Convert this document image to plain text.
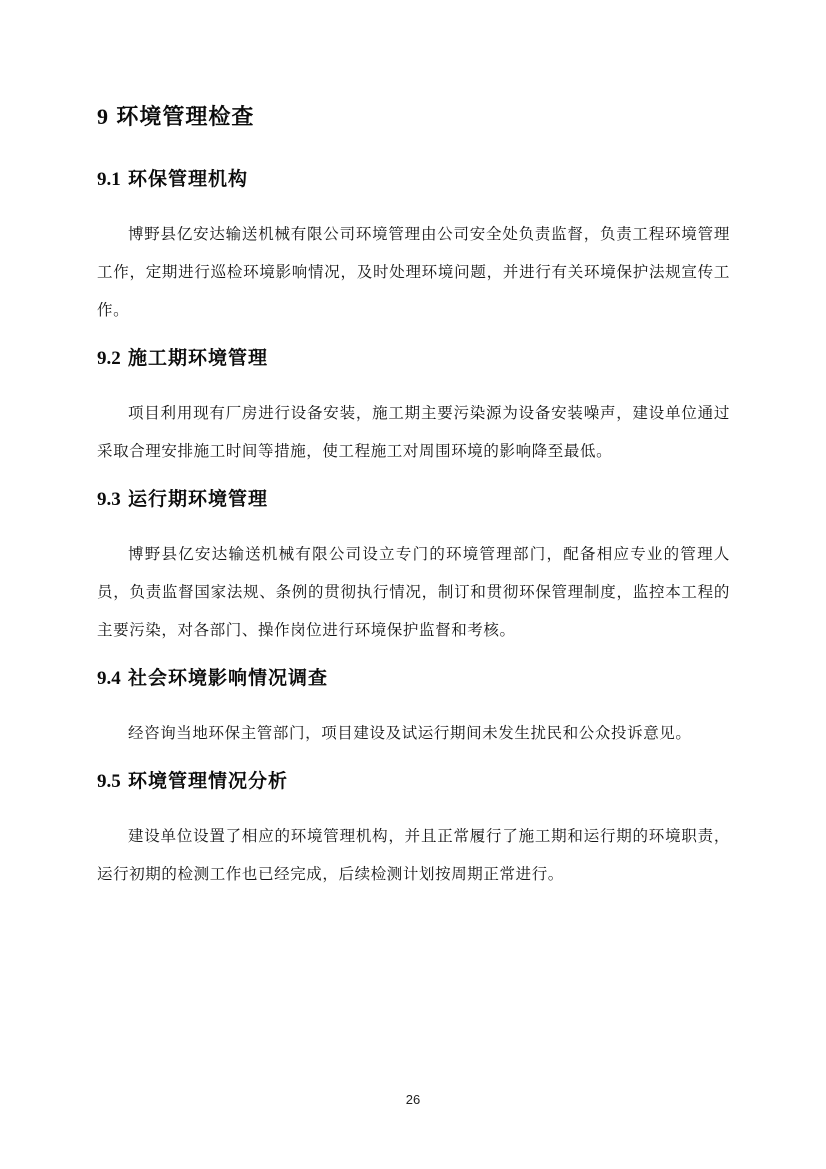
9 环境管理检查
9.1 环保管理机构

博野县亿安达输送机械有限公司环境管理由公司安全处负责监督，负责工程环境管理工作，定期进行巡检环境影响情况，及时处理环境问题，并进行有关环境保护法规宣传工作。

9.2 施工期环境管理

项目利用现有厂房进行设备安装，施工期主要污染源为设备安装噪声，建设单位通过采取合理安排施工时间等措施，使工程施工对周围环境的影响降至最低。

9.3 运行期环境管理

博野县亿安达输送机械有限公司设立专门的环境管理部门，配备相应专业的管理人员，负责监督国家法规、条例的贯彻执行情况，制订和贯彻环保管理制度，监控本工程的主要污染，对各部门、操作岗位进行环境保护监督和考核。

9.4 社会环境影响情况调查

经咨询当地环保主管部门，项目建设及试运行期间未发生扰民和公众投诉意见。

9.5 环境管理情况分析

建设单位设置了相应的环境管理机构，并且正常履行了施工期和运行期的环境职责，运行初期的检测工作也已经完成，后续检测计划按周期正常进行。

26
